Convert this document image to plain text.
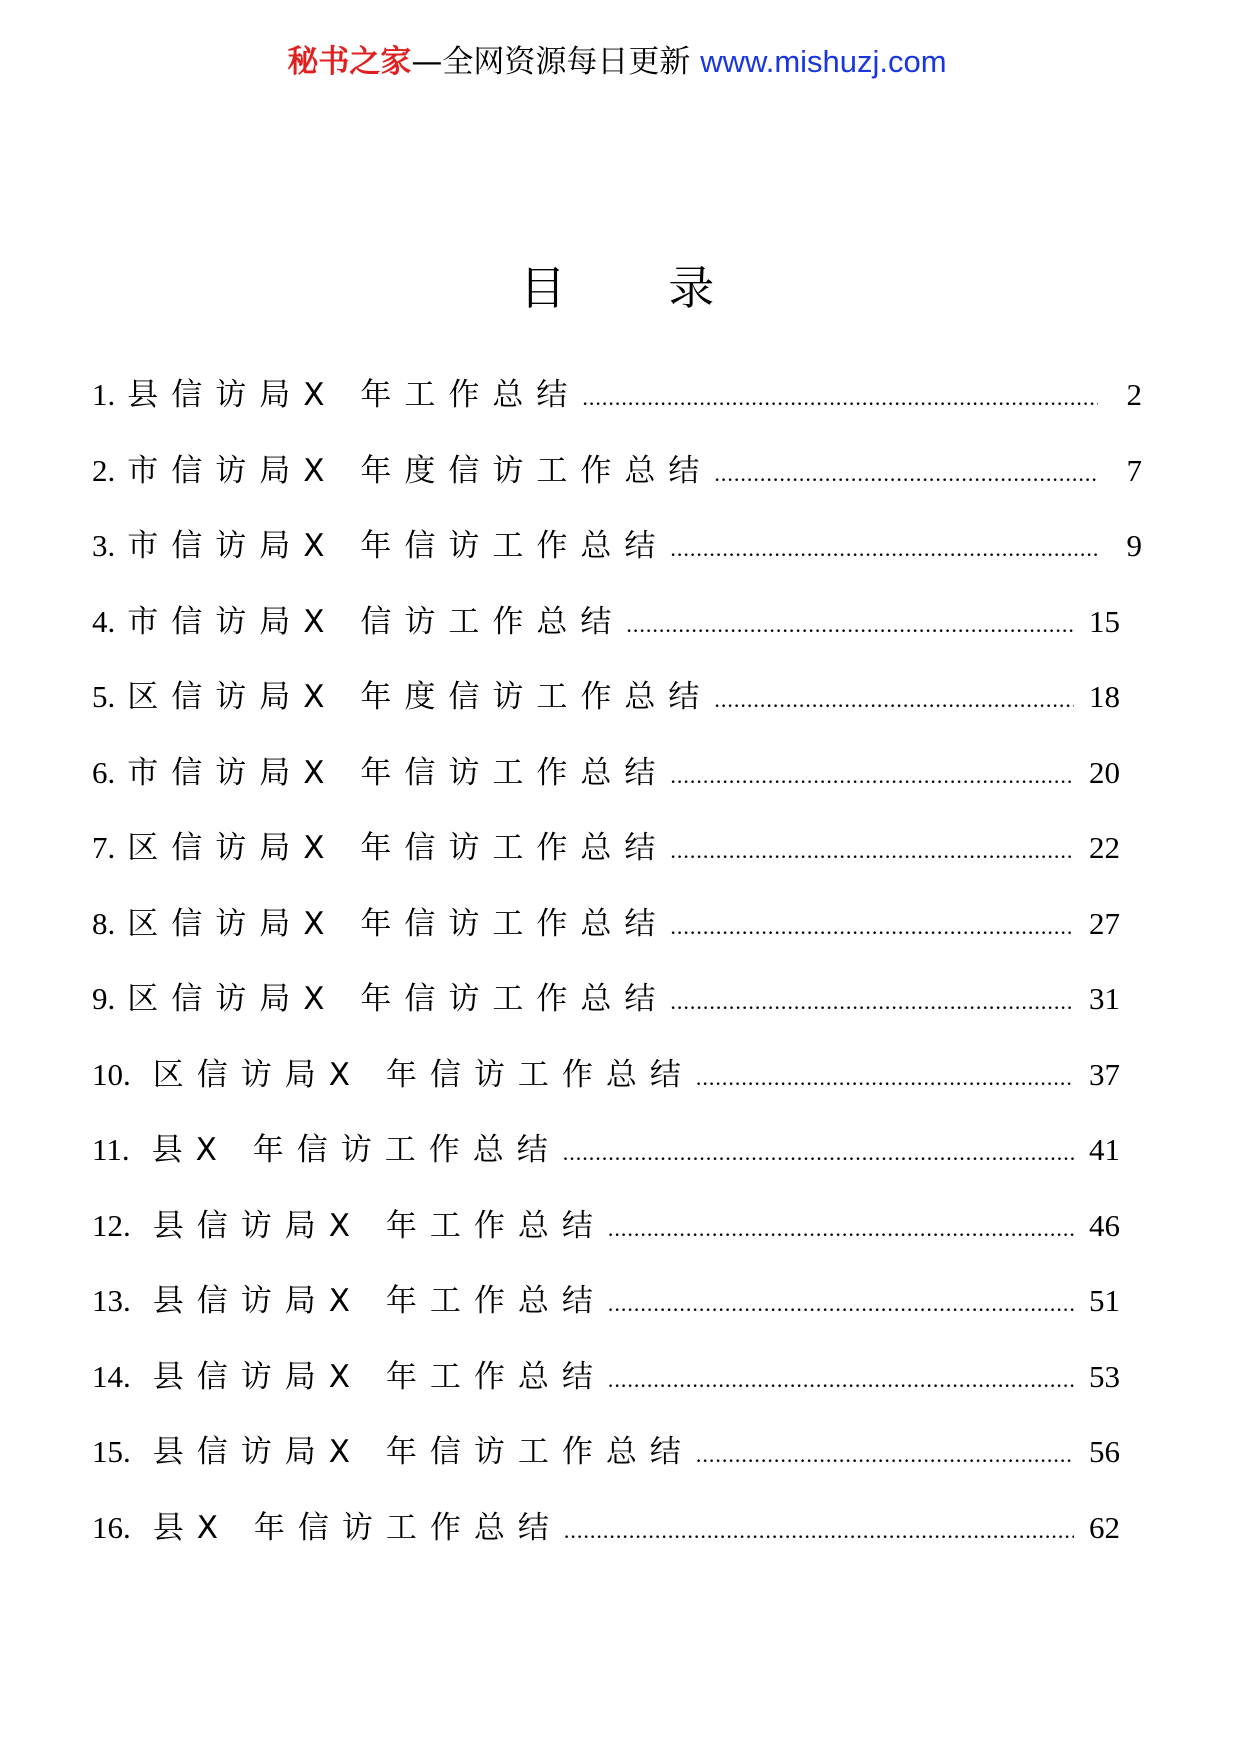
秘书之家—全网资源每日更新 www.mishuzj.com
目 录
1. 县信访局X 年工作总结 .....	2
2. 市信访局X 年度信访工作总结 .....	7
3. 市信访局X 年信访工作总结 .....	9
4. 市信访局X 信访工作总结 .....	15
5. 区信访局X 年度信访工作总结 .....	18
6. 市信访局X 年信访工作总结 .....	20
7. 区信访局X 年信访工作总结 .....	22
8. 区信访局X 年信访工作总结 .....	27
9. 区信访局X 年信访工作总结 .....	31
10. 区信访局X 年信访工作总结 .....	37
11. 县X 年信访工作总结 .....	41
12. 县信访局X 年工作总结 .....	46
13. 县信访局X 年工作总结 .....	51
14. 县信访局X 年工作总结 .....	53
15. 县信访局X 年信访工作总结 .....	56
16. 县X 年信访工作总结 .....	62
